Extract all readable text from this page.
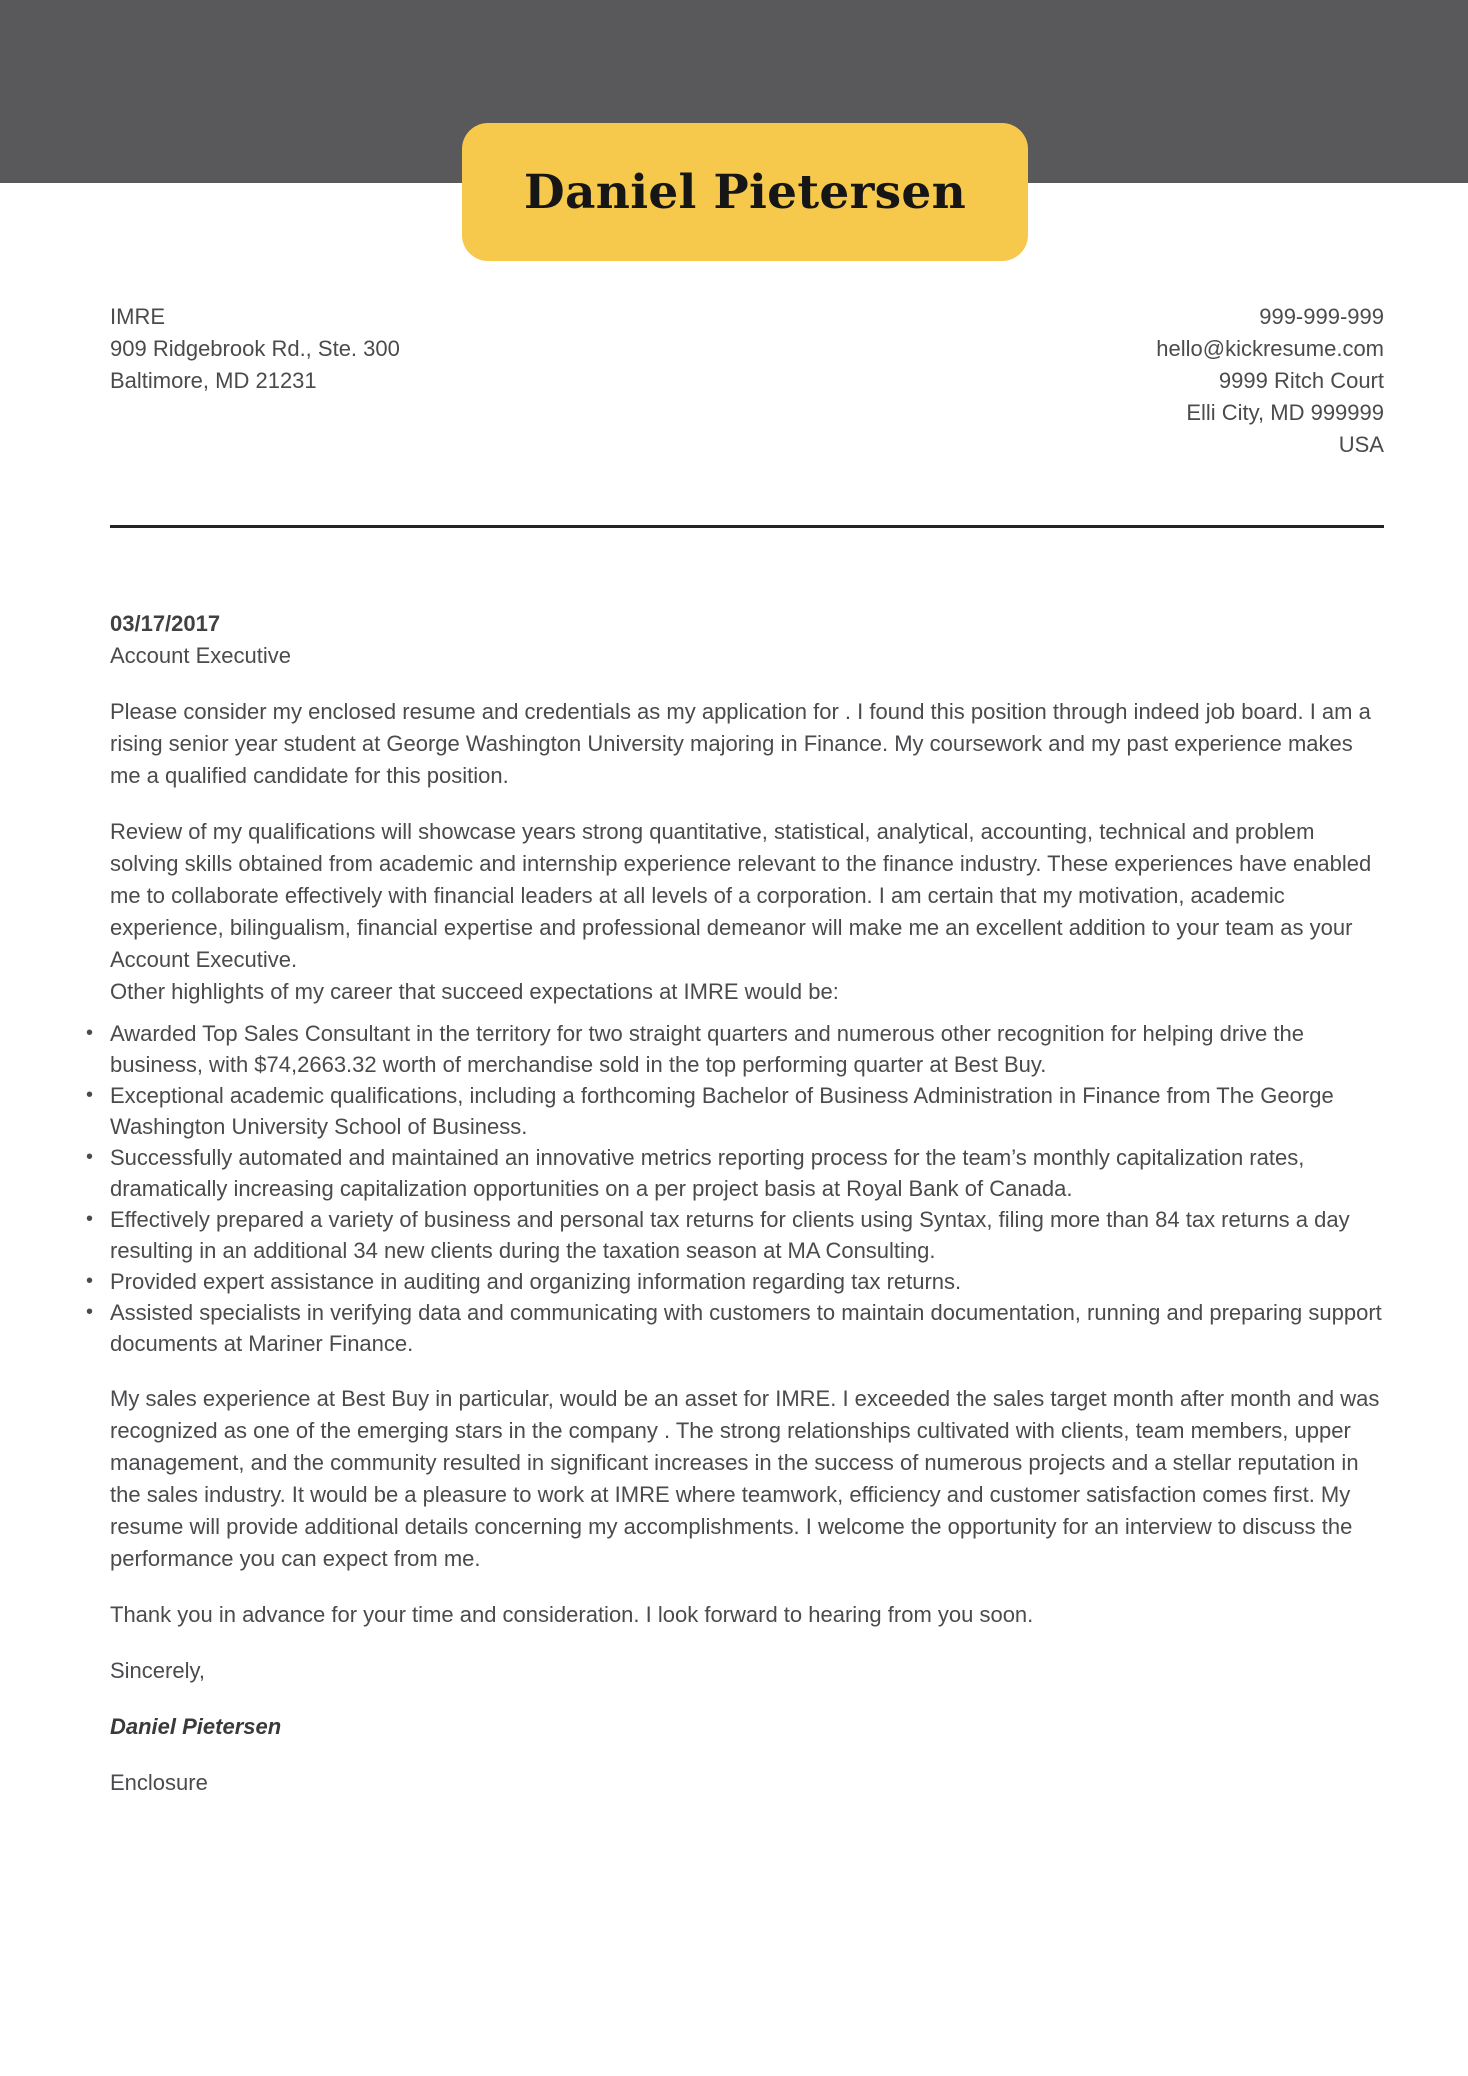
Daniel Pietersen
IMRE
909 Ridgebrook Rd., Ste. 300
Baltimore, MD 21231
999-999-999
hello@kickresume.com
9999 Ritch Court
Elli City, MD 999999
USA
03/17/2017
Account Executive

Please consider my enclosed resume and credentials as my application for . I found this position through indeed job board. I am a rising senior year student at George Washington University majoring in Finance. My coursework and my past experience makes me a qualified candidate for this position.

Review of my qualifications will showcase years strong quantitative, statistical, analytical, accounting, technical and problem solving skills obtained from academic and internship experience relevant to the finance industry. These experiences have enabled me to collaborate effectively with financial leaders at all levels of a corporation. I am certain that my motivation, academic experience, bilingualism, financial expertise and professional demeanor will make me an excellent addition to your team as your Account Executive.

Other highlights of my career that succeed expectations at IMRE would be:

• Awarded Top Sales Consultant in the territory for two straight quarters and numerous other recognition for helping drive the business, with $74,2663.32 worth of merchandise sold in the top performing quarter at Best Buy.
• Exceptional academic qualifications, including a forthcoming Bachelor of Business Administration in Finance from The George Washington University School of Business.
• Successfully automated and maintained an innovative metrics reporting process for the team’s monthly capitalization rates, dramatically increasing capitalization opportunities on a per project basis at Royal Bank of Canada.
• Effectively prepared a variety of business and personal tax returns for clients using Syntax, filing more than 84 tax returns a day resulting in an additional 34 new clients during the taxation season at MA Consulting.
• Provided expert assistance in auditing and organizing information regarding tax returns.
• Assisted specialists in verifying data and communicating with customers to maintain documentation, running and preparing support documents at Mariner Finance.

My sales experience at Best Buy in particular, would be an asset for IMRE. I exceeded the sales target month after month and was recognized as one of the emerging stars in the company . The strong relationships cultivated with clients, team members, upper management, and the community resulted in significant increases in the success of numerous projects and a stellar reputation in the sales industry. It would be a pleasure to work at IMRE where teamwork, efficiency and customer satisfaction comes first. My resume will provide additional details concerning my accomplishments. I welcome the opportunity for an interview to discuss the performance you can expect from me.

Thank you in advance for your time and consideration. I look forward to hearing from you soon.

Sincerely,

Daniel Pietersen

Enclosure
